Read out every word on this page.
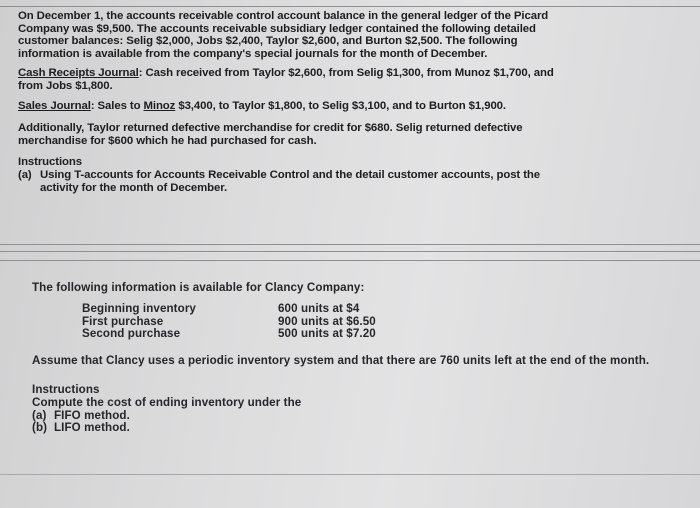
On December 1, the accounts receivable control account balance in the general ledger of the Picard Company was $9,500. The accounts receivable subsidiary ledger contained the following detailed customer balances: Selig $2,000, Jobs $2,400, Taylor $2,600, and Burton $2,500. The following information is available from the company's special journals for the month of December.
Cash Receipts Journal: Cash received from Taylor $2,600, from Selig $1,300, from Munoz $1,700, and from Jobs $1,800.
Sales Journal: Sales to Minoz $3,400, to Taylor $1,800, to Selig $3,100, and to Burton $1,900.
Additionally, Taylor returned defective merchandise for credit for $680. Selig returned defective merchandise for $600 which he had purchased for cash.
Instructions
(a) Using T-accounts for Accounts Receivable Control and the detail customer accounts, post the activity for the month of December.
The following information is available for Clancy Company:
Beginning inventory
First purchase
Second purchase
600 units at $4
900 units at $6.50
500 units at $7.20
Assume that Clancy uses a periodic inventory system and that there are 760 units left at the end of the month.
Instructions
Compute the cost of ending inventory under the
(a) FIFO method.
(b) LIFO method.
